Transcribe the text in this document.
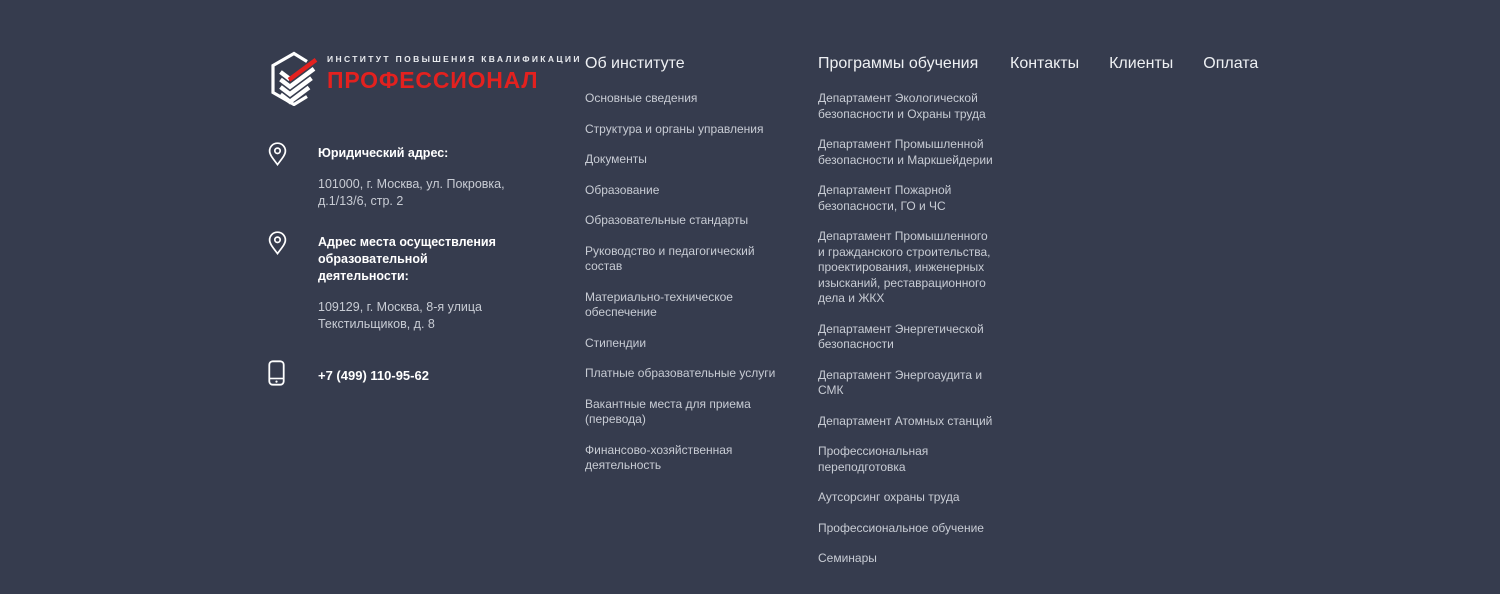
ИНСТИТУТ ПОВЫШЕНИЯ КВАЛИФИКАЦИИ
ПРОФЕССИОНАЛ
Юридический адрес:
101000, г. Москва, ул. Покровка, д.1/13/6, стр. 2
Адрес места осуществления образовательной деятельности:
109129, г. Москва, 8-я улица Текстильщиков, д. 8
+7 (499) 110-95-62
Об институте
Основные сведения
Структура и органы управления
Документы
Образование
Образовательные стандарты
Руководство и педагогический состав
Материально-техническое обеспечение
Стипендии
Платные образовательные услуги
Вакантные места для приема (перевода)
Финансово-хозяйственная деятельность
Программы обучения
Департамент Экологической безопасности и Охраны труда
Департамент Промышленной безопасности и Маркшейдерии
Департамент Пожарной безопасности, ГО и ЧС
Департамент Промышленного и гражданского строительства, проектирования, инженерных изысканий, реставрационного дела и ЖКХ
Департамент Энергетической безопасности
Департамент Энергоаудита и СМК
Департамент Атомных станций
Профессиональная переподготовка
Аутсорсинг охраны труда
Профессиональное обучение
Семинары
Контакты Клиенты Оплата
